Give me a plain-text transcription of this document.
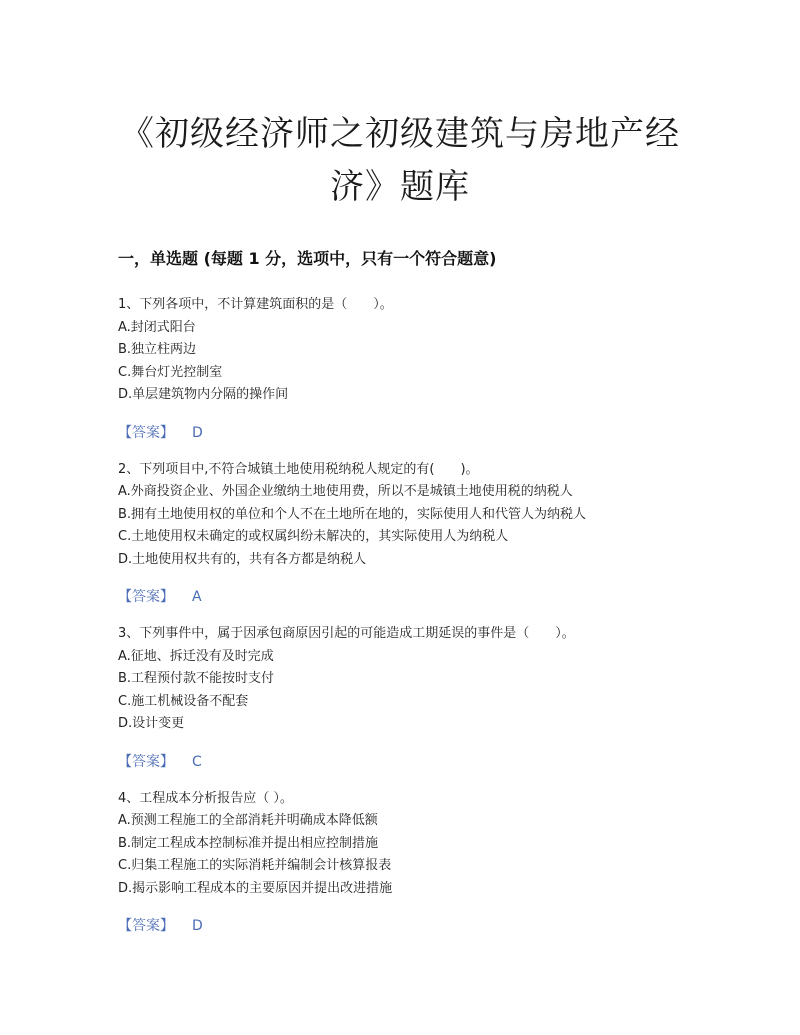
《初级经济师之初级建筑与房地产经
济》题库
一，单选题 (每题 1 分，选项中，只有一个符合题意)
1、下列各项中，不计算建筑面积的是（　　）。
A.封闭式阳台
B.独立柱两边
C.舞台灯光控制室
D.单层建筑物内分隔的操作间
【答案】 D
2、下列项目中,不符合城镇土地使用税纳税人规定的有(　　)。
A.外商投资企业、外国企业缴纳土地使用费，所以不是城镇土地使用税的纳税人
B.拥有土地使用权的单位和个人不在土地所在地的，实际使用人和代管人为纳税人
C.土地使用权未确定的或权属纠纷未解决的，其实际使用人为纳税人
D.土地使用权共有的，共有各方都是纳税人
【答案】 A
3、下列事件中，属于因承包商原因引起的可能造成工期延误的事件是（　　）。
A.征地、拆迁没有及时完成
B.工程预付款不能按时支付
C.施工机械设备不配套
D.设计变更
【答案】 C
4、工程成本分析报告应（ ）。
A.预测工程施工的全部消耗并明确成本降低额
B.制定工程成本控制标准并提出相应控制措施
C.归集工程施工的实际消耗并编制会计核算报表
D.揭示影响工程成本的主要原因并提出改进措施
【答案】 D
